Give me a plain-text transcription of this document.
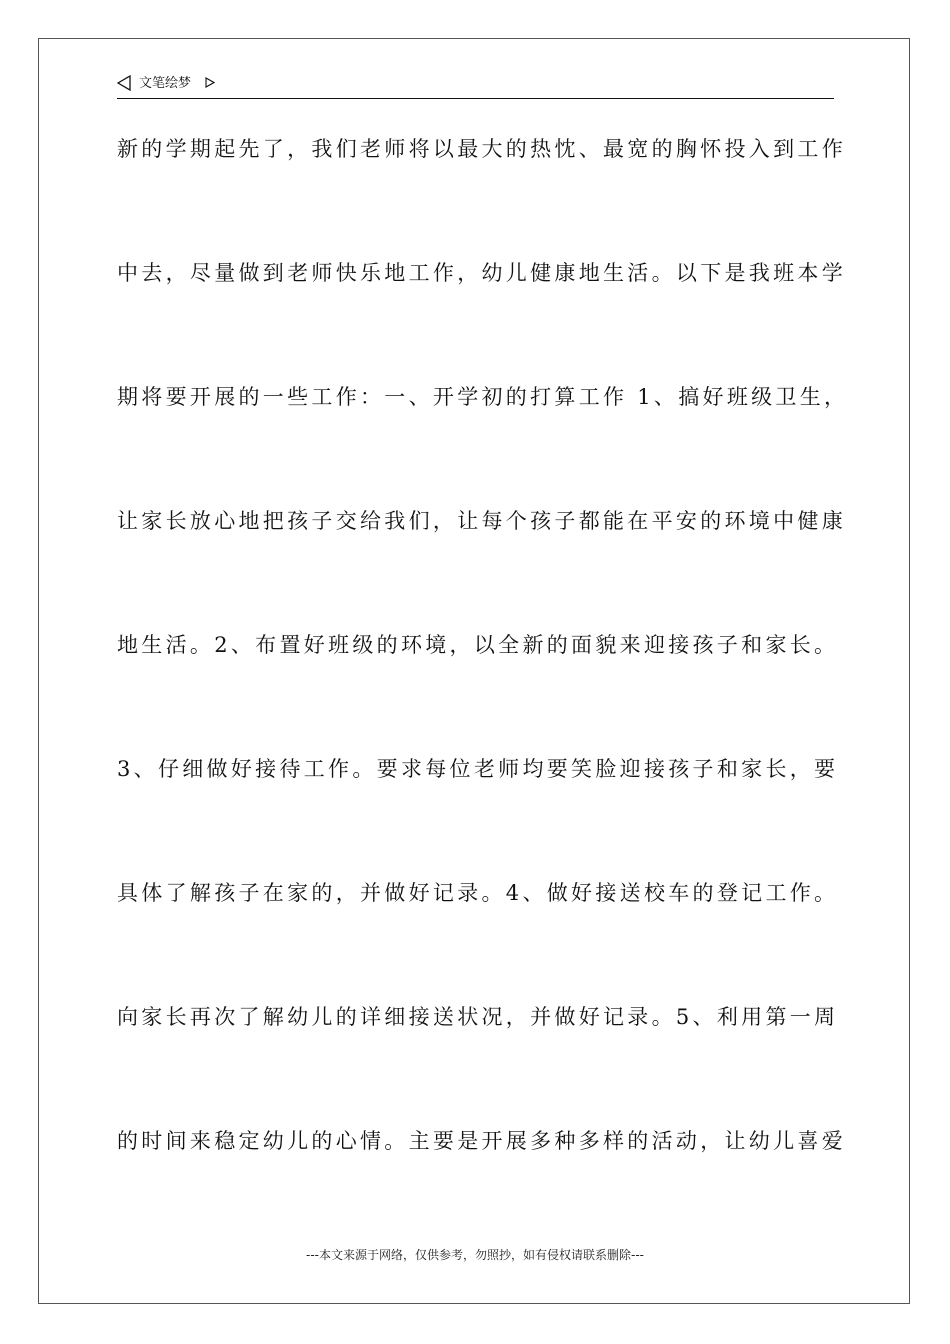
文笔绘梦
新的学期起先了，我们老师将以最大的热忱、最宽的胸怀投入到工作
中去，尽量做到老师快乐地工作，幼儿健康地生活。以下是我班本学
期将要开展的一些工作：一、开学初的打算工作 1、搞好班级卫生，
让家长放心地把孩子交给我们，让每个孩子都能在平安的环境中健康
地生活。2、布置好班级的环境，以全新的面貌来迎接孩子和家长。
3、仔细做好接待工作。要求每位老师均要笑脸迎接孩子和家长，要
具体了解孩子在家的，并做好记录。4、做好接送校车的登记工作。
向家长再次了解幼儿的详细接送状况，并做好记录。5、利用第一周
的时间来稳定幼儿的心情。主要是开展多种多样的活动，让幼儿喜爱
---本文来源于网络，仅供参考，勿照抄，如有侵权请联系删除---
